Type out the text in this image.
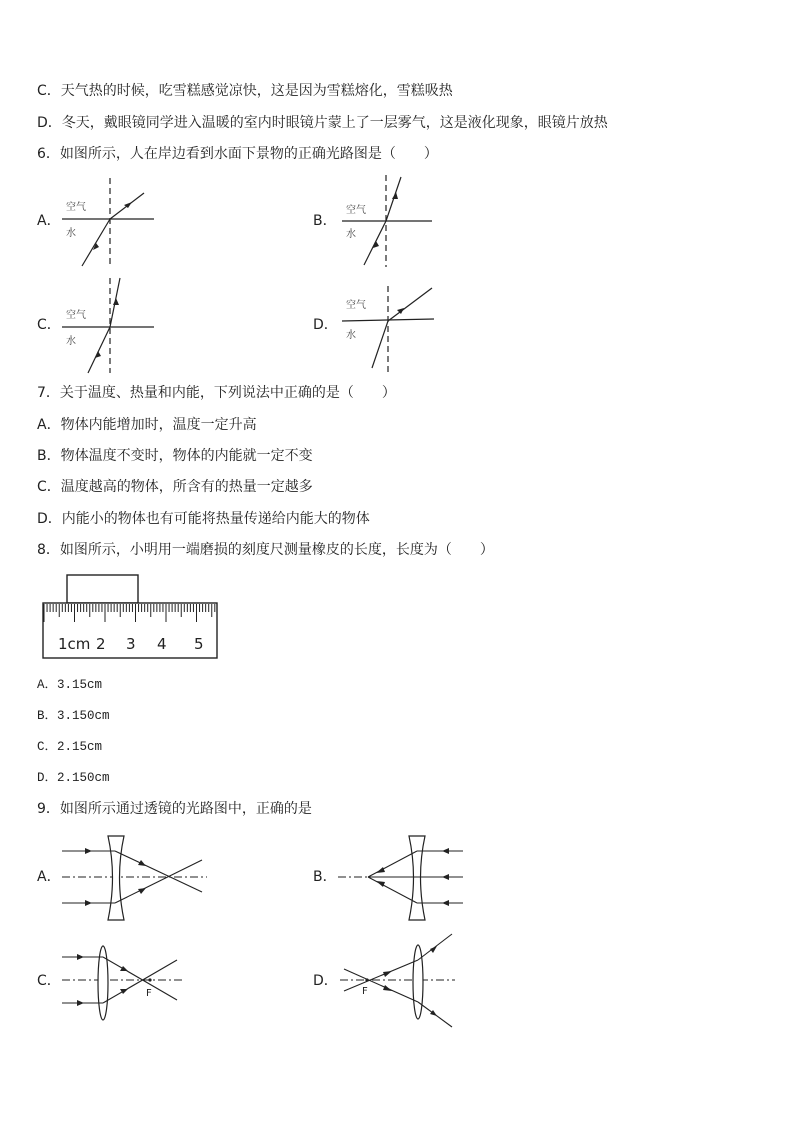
C．天气热的时候，吃雪糕感觉凉快，这是因为雪糕熔化，雪糕吸热
D．冬天，戴眼镜同学进入温暖的室内时眼镜片蒙上了一层雾气，这是液化现象，眼镜片放热
6．如图所示，人在岸边看到水面下景物的正确光路图是（　　）
A．
空气
水
B．
空气
水
C．
空气
水
D．
空气
水
7．关于温度、热量和内能，下列说法中正确的是（　　）
A．物体内能增加时，温度一定升高
B．物体温度不变时，物体的内能就一定不变
C．温度越高的物体，所含有的热量一定越多
D．内能小的物体也有可能将热量传递给内能大的物体
8．如图所示，小明用一端磨损的刻度尺测量橡皮的长度，长度为（　　）
1cm 2 3 4 5
A．3.15cm
B．3.150cm
C．2.15cm
D．2.150cm
9．如图所示通过透镜的光路图中，正确的是
A．	B．
C．
F
D．
F
